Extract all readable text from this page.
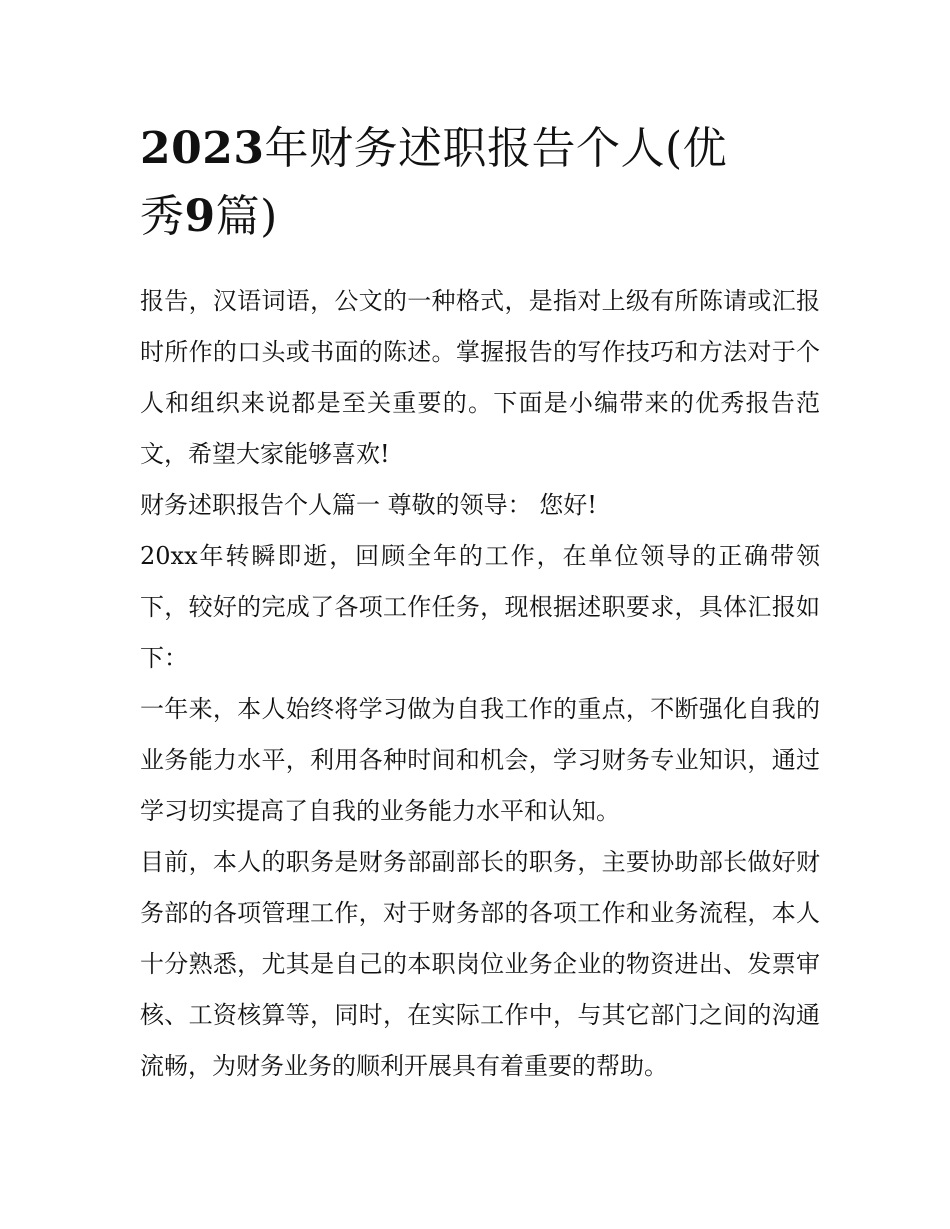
2023年财务述职报告个人(优
秀9篇)

报告，汉语词语，公文的一种格式，是指对上级有所陈请或汇报时所作的口头或书面的陈述。掌握报告的写作技巧和方法对于个人和组织来说都是至关重要的。下面是小编带来的优秀报告范文，希望大家能够喜欢!

财务述职报告个人篇一 尊敬的领导： 您好!

20xx年转瞬即逝，回顾全年的工作，在单位领导的正确带领下，较好的完成了各项工作任务，现根据述职要求，具体汇报如下：

一年来，本人始终将学习做为自我工作的重点，不断强化自我的业务能力水平，利用各种时间和机会，学习财务专业知识，通过学习切实提高了自我的业务能力水平和认知。

目前，本人的职务是财务部副部长的职务，主要协助部长做好财务部的各项管理工作，对于财务部的各项工作和业务流程，本人十分熟悉，尤其是自己的本职岗位业务企业的物资进出、发票审核、工资核算等，同时，在实际工作中，与其它部门之间的沟通流畅，为财务业务的顺利开展具有着重要的帮助。
